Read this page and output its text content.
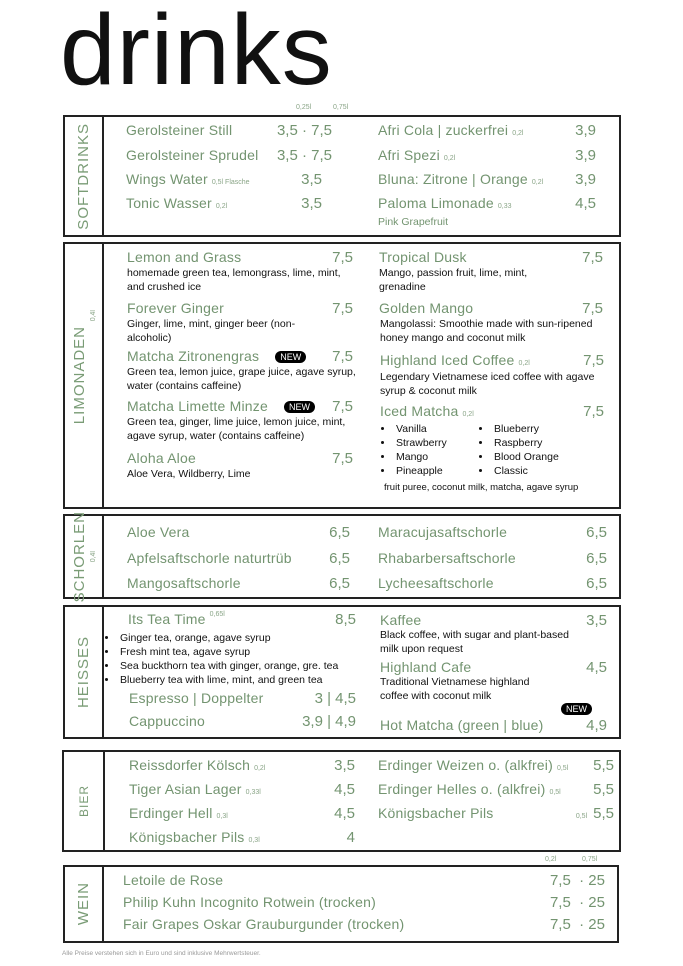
drinks
0,25l	0,75l
SOFTDRINKS Gerolsteiner Still	3,5 · 7,5
Gerolsteiner Sprudel	3,5 · 7,5
Wings Water 0,5l Flasche	3,5
Tonic Wasser 0,2l	3,5
Afri Cola | zuckerfrei 0,2l	3,9
Afri Spezi 0,2l	3,9
Bluna: Zitrone | Orange 0,2l	3,9
Paloma Limonade 0,33	4,5
Pink Grapefruit
LIMONADEN
0,4l
Lemon and Grass	7,5
homemade green tea, lemongrass, lime, mint, and crushed ice
Forever Ginger	7,5
Ginger, lime, mint, ginger beer (non-alcoholic)
Matcha Zitronengras	NEW	7,5
Green tea, lemon juice, grape juice, agave syrup, water (contains caffeine)
Matcha Limette Minze	NEW	7,5
Green tea, ginger, lime juice, lemon juice, mint, agave syrup, water (contains caffeine)
Aloha Aloe	7,5
Aloe Vera, Wildberry, Lime
Tropical Dusk	7,5
Mango, passion fruit, lime, mint, grenadine
Golden Mango	7,5
Mangolassi: Smoothie made with sun-ripened honey mango and coconut milk
Highland Iced Coffee 0,2l	7,5
Legendary Vietnamese iced coffee with agave syrup & coconut milk
Iced Matcha 0,2l	7,5
• Vanilla
• Strawberry
• Mango
• Pineapple
• Blueberry
• Raspberry
• Blood Orange
• Classic
fruit puree, coconut milk, matcha, agave syrup
SCHORLEN 0,4l
Aloe Vera	6,5
Apfelsaftschorle naturtrüb	6,5
Mangosaftschorle	6,5
Maracujasaftschorle	6,5
Rhabarbersaftschorle	6,5
Lycheesaftschorle	6,5
HEISSES
Its Tea Time 0,65l	8,5
• Ginger tea, orange, agave syrup
• Fresh mint tea, agave syrup
• Sea buckthorn tea with ginger, orange, gre. tea
• Blueberry tea with lime, mint, and green tea
Espresso | Doppelter	3 | 4,5
Cappuccino	3,9 | 4,9
Kaffee	3,5
Black coffee, with sugar and plant-based milk upon request
Highland Cafe	4,5
Traditional Vietnamese highland coffee with coconut milk
NEW
Hot Matcha (green | blue)	4,9
BIER
Reissdorfer Kölsch 0,2l	3,5
Tiger Asian Lager 0,33l	4,5
Erdinger Hell 0,3l	4,5
Königsbacher Pils 0,3l	4
Erdinger Weizen o. (alkfrei) 0,5l	5,5
Erdinger Helles o. (alkfrei) 0,5l	5,5
Königsbacher Pils	0,5l 5,5
0,2l	0,75l
WEIN
Letoile de Rose	7,5  · 25
Philip Kuhn Incognito Rotwein (trocken)	7,5  · 25
Fair Grapes Oskar Grauburgunder (trocken)	7,5  · 25
Alle Preise verstehen sich in Euro und sind inklusive Mehrwertsteuer.
